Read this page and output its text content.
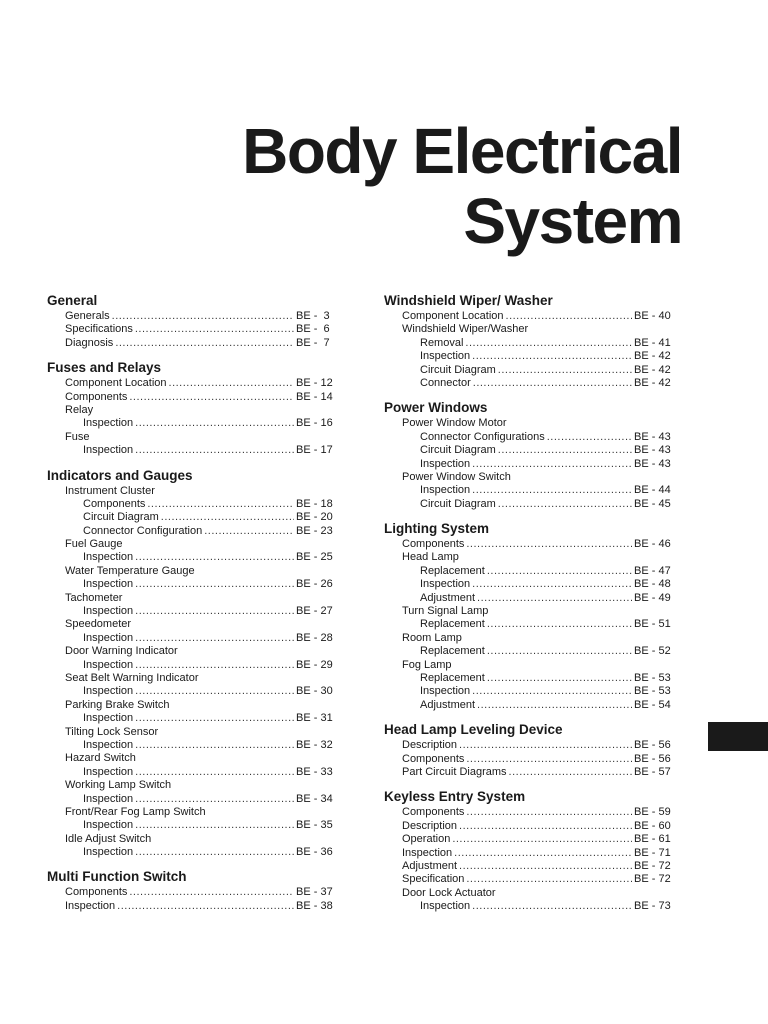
Body Electrical
System
General
Generals .....	BE -  3
Specifications .....	BE -  6
Diagnosis .....	BE -  7
Fuses and Relays
Component Location .....	BE - 12
Components .....	BE - 14
Relay
Inspection .....	BE - 16
Fuse
Inspection .....	BE - 17
Indicators and Gauges
Instrument Cluster
Components .....	BE - 18
Circuit Diagram .....	BE - 20
Connector Configuration .....	BE - 23
Fuel Gauge
Inspection .....	BE - 25
Water Temperature Gauge
Inspection .....	BE - 26
Tachometer
Inspection .....	BE - 27
Speedometer
Inspection .....	BE - 28
Door Warning Indicator
Inspection .....	BE - 29
Seat Belt Warning Indicator
Inspection .....	BE - 30
Parking Brake Switch
Inspection .....	BE - 31
Tilting Lock Sensor
Inspection .....	BE - 32
Hazard Switch
Inspection .....	BE - 33
Working Lamp Switch
Inspection .....	BE - 34
Front/Rear Fog Lamp Switch
Inspection .....	BE - 35
Idle Adjust Switch
Inspection .....	BE - 36
Multi Function Switch
Components .....	BE - 37
Inspection .....	BE - 38
Windshield Wiper/ Washer
Component Location .....	BE - 40
Windshield Wiper/Washer
Removal .....	BE - 41
Inspection .....	BE - 42
Circuit Diagram .....	BE - 42
Connector .....	BE - 42
Power Windows
Power Window Motor
Connector Configurations .....	BE - 43
Circuit Diagram .....	BE - 43
Inspection .....	BE - 43
Power Window Switch
Inspection .....	BE - 44
Circuit Diagram .....	BE - 45
Lighting System
Components .....	BE - 46
Head Lamp
Replacement .....	BE - 47
Inspection .....	BE - 48
Adjustment .....	BE - 49
Turn Signal Lamp
Replacement .....	BE - 51
Room Lamp
Replacement .....	BE - 52
Fog Lamp
Replacement .....	BE - 53
Inspection .....	BE - 53
Adjustment .....	BE - 54
Head Lamp Leveling Device
Description .....	BE - 56
Components .....	BE - 56
Part Circuit Diagrams .....	BE - 57
Keyless Entry System
Components .....	BE - 59
Description .....	BE - 60
Operation .....	BE - 61
Inspection .....	BE - 71
Adjustment .....	BE - 72
Specification .....	BE - 72
Door Lock Actuator
Inspection .....	BE - 73
